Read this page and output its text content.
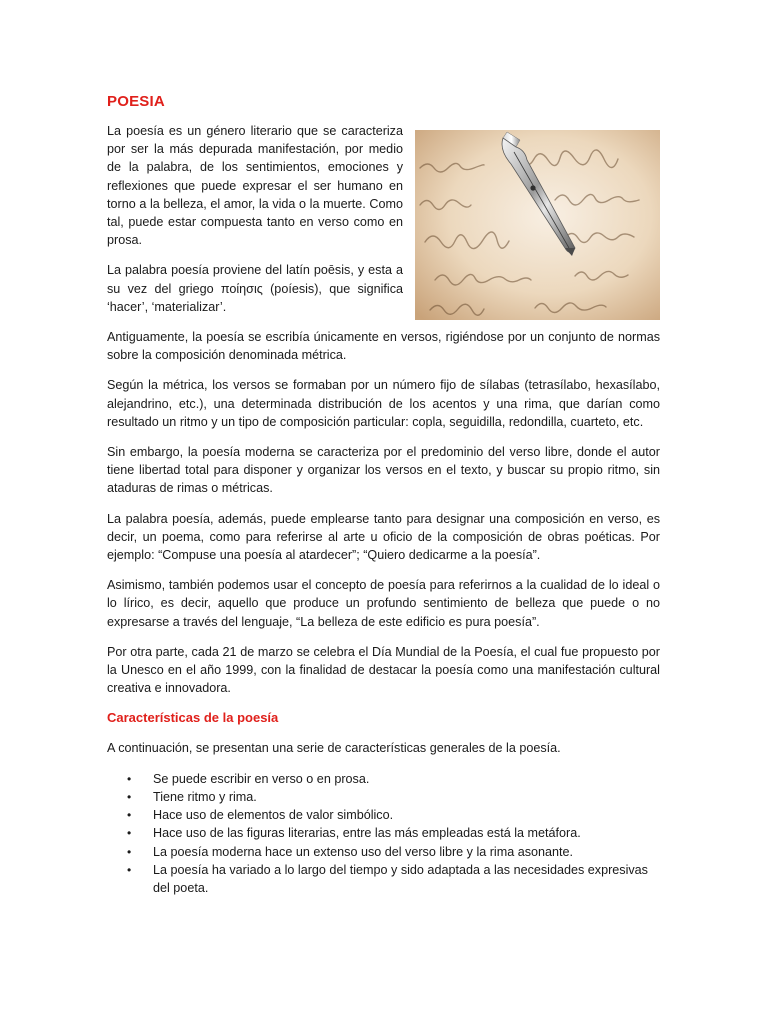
POESIA

La poesía es un género literario que se caracteriza por ser la más depurada manifestación, por medio de la palabra, de los sentimientos, emociones y reflexiones que puede expresar el ser humano en torno a la belleza, el amor, la vida o la muerte. Como tal, puede estar compuesta tanto en verso como en prosa.

La palabra poesía proviene del latín poēsis, y esta a su vez del griego ποίησις (poíesis), que significa ‘hacer’, ‘materializar’.

Antiguamente, la poesía se escribía únicamente en versos, rigiéndose por un conjunto de normas sobre la composición denominada métrica.

Según la métrica, los versos se formaban por un número fijo de sílabas (tetrasílabo, hexasílabo, alejandrino, etc.), una determinada distribución de los acentos y una rima, que darían como resultado un ritmo y un tipo de composición particular: copla, seguidilla, redondilla, cuarteto, etc.

Sin embargo, la poesía moderna se caracteriza por el predominio del verso libre, donde el autor tiene libertad total para disponer y organizar los versos en el texto, y buscar su propio ritmo, sin ataduras de rimas o métricas.

La palabra poesía, además, puede emplearse tanto para designar una composición en verso, es decir, un poema, como para referirse al arte u oficio de la composición de obras poéticas. Por ejemplo: “Compuse una poesía al atardecer”; “Quiero dedicarme a la poesía”.

Asimismo, también podemos usar el concepto de poesía para referirnos a la cualidad de lo ideal o lo lírico, es decir, aquello que produce un profundo sentimiento de belleza que puede o no expresarse a través del lenguaje, “La belleza de este edificio es pura poesía”.

Por otra parte, cada 21 de marzo se celebra el Día Mundial de la Poesía, el cual fue propuesto por la Unesco en el año 1999, con la finalidad de destacar la poesía como una manifestación cultural creativa e innovadora.

Características de la poesía

A continuación, se presentan una serie de características generales de la poesía.

• Se puede escribir en verso o en prosa.
• Tiene ritmo y rima.
• Hace uso de elementos de valor simbólico.
• Hace uso de las figuras literarias, entre las más empleadas está la metáfora.
• La poesía moderna hace un extenso uso del verso libre y la rima asonante.
• La poesía ha variado a lo largo del tiempo y sido adaptada a las necesidades expresivas del poeta.
